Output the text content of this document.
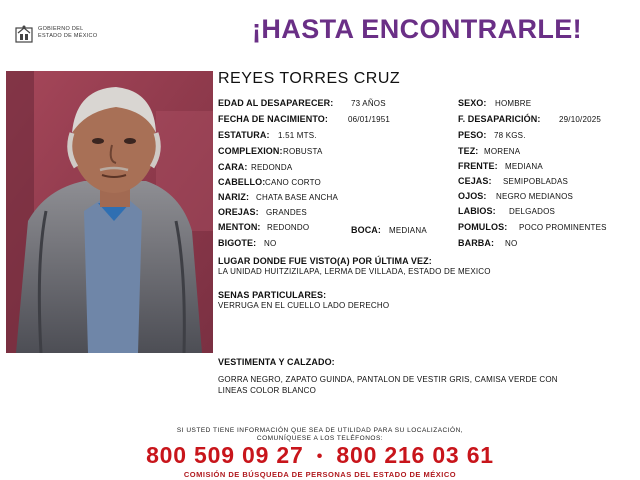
GOBIERNO DEL
ESTADO DE MÉXICO	¡HASTA ENCONTRARLE!
REYES TORRES CRUZ
EDAD AL DESAPARECER: 73 AÑOS
FECHA DE NACIMIENTO:	06/01/1951
ESTATURA: 1.51 MTS.
COMPLEXION: ROBUSTA
CARA: REDONDA
CABELLO: CANO CORTO
NARIZ: CHATA BASE ANCHA
OREJAS: GRANDES
MENTON: REDONDO	BOCA: MEDIANA
BIGOTE: NO
SEXO: HOMBRE
F. DESAPARICIÓN: 29/10/2025
PESO: 78 KGS.
TEZ: MORENA
FRENTE: MEDIANA
CEJAS: SEMIPOBLADAS
OJOS: NEGRO MEDIANOS
LABIOS: DELGADOS
POMULOS: POCO PROMINENTES
BARBA: NO
LUGAR DONDE FUE VISTO(A) POR ÚLTIMA VEZ:
LA UNIDAD HUITZIZILAPA, LERMA DE VILLADA, ESTADO DE MEXICO
SENAS PARTICULARES:
VERRUGA EN EL CUELLO LADO DERECHO
VESTIMENTA Y CALZADO:
GORRA NEGRO, ZAPATO GUINDA, PANTALON DE VESTIR GRIS, CAMISA VERDE CON
LINEAS COLOR BLANCO
SI USTED TIENE INFORMACIÓN QUE SEA DE UTILIDAD PARA SU LOCALIZACIÓN,
COMUNÍQUESE A LOS TELÉFONOS:
800 509 09 27 • 800 216 03 61
COMISIÓN DE BÚSQUEDA DE PERSONAS DEL ESTADO DE MÉXICO
